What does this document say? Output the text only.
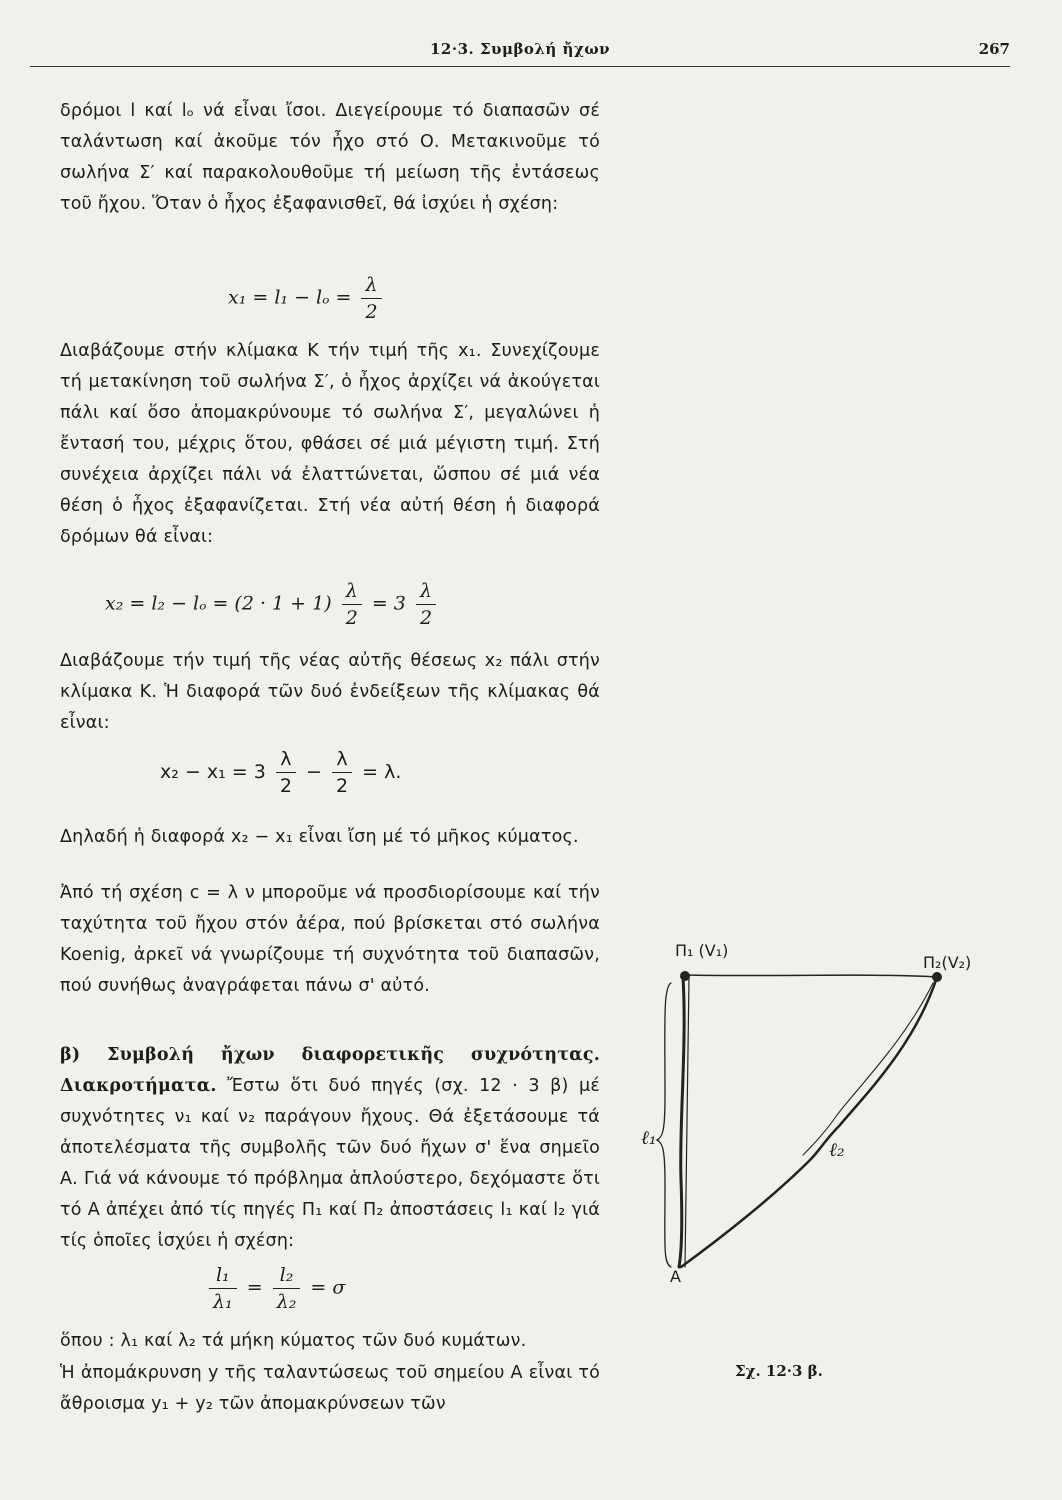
12·3. Συμβολή ἤχων	267

δρόμοι l καί lₒ νά εἶναι ἴσοι. Διεγείρουμε τό διαπασῶν σέ ταλάντωση καί ἀκοῦμε τόν ἦχο στό Ο. Μετακινοῦμε τό σωλήνα Σ′ καί παρακολουθοῦμε τή μείωση τῆς ἐντάσεως τοῦ ἤχου. Ὅταν ὁ ἦχος ἐξαφανισθεῖ, θά ἰσχύει ἡ σχέση:

$x_1 = l_1 - l_o = \frac{\lambda}{2}$

Διαβάζουμε στήν κλίμακα Κ τήν τιμή τῆς x₁. Συνεχίζουμε τή μετακίνηση τοῦ σωλήνα Σ′, ὁ ἦχος ἀρχίζει νά ἀκούγεται πάλι καί ὅσο ἀπομακρύνουμε τό σωλήνα Σ′, μεγαλώνει ἡ ἔντασή του, μέχρις ὅτου, φθάσει σέ μιά μέγιστη τιμή. Στή συνέχεια ἀρχίζει πάλι νά ἐλαττώνεται, ὥσπου σέ μιά νέα θέση ὁ ἦχος ἐξαφανίζεται. Στή νέα αὐτή θέση ἡ διαφορά δρόμων θά εἶναι:

$x_2 = l_2 - l_o = (2 \cdot 1 + 1) \frac{\lambda}{2} = 3 \frac{\lambda}{2}$

Διαβάζουμε τήν τιμή τῆς νέας αὐτῆς θέσεως x₂ πάλι στήν κλίμακα Κ. Ἡ διαφορά τῶν δυό ἐνδείξεων τῆς κλίμακας θά εἶναι:

$x_2 - x_1 = 3 \frac{\lambda}{2} - \frac{\lambda}{2} = \lambda$.

Δηλαδή ἡ διαφορά x₂ − x₁ εἶναι ἴση μέ τό μῆκος κύματος.

Ἀπό τή σχέση c = λ ν μποροῦμε νά προσδιορίσουμε καί τήν ταχύτητα τοῦ ἤχου στόν ἀέρα, πού βρίσκεται στό σωλήνα Koenig, ἀρκεῖ νά γνωρίζουμε τή συχνότητα τοῦ διαπασῶν, πού συνήθως ἀναγράφεται πάνω σ' αὐτό.

β) Συμβολή ἤχων διαφορετικῆς συχνότητας. Διακροτήματα. Ἔστω ὅτι δυό πηγές (σχ. 12 · 3 β) μέ συχνότητες ν₁ καί ν₂ παράγουν ἤχους. Θά ἐξετάσουμε τά ἀποτελέσματα τῆς συμβολῆς τῶν δυό ἤχων σ' ἕνα σημεῖο Α. Γιά νά κάνουμε τό πρόβλημα ἁπλούστερο, δεχόμαστε ὅτι τό Α ἀπέχει ἀπό τίς πηγές Π₁ καί Π₂ ἀποστάσεις l₁ καί l₂ γιά τίς ὁποῖες ἰσχύει ἡ σχέση:

$\frac{\text{l₁}}{\text{λ₁}} = \frac{\text{l₂}}{\text{λ₂}} = \sigma$

ὅπου : λ₁ καί λ₂ τά μήκη κύματος τῶν δυό κυμάτων.

Ἡ ἀπομάκρυνση y τῆς ταλαντώσεως τοῦ σημείου Α εἶναι τό ἄθροισμα y₁ + y₂ τῶν ἀπομακρύνσεων τῶν

Π₁ (V₁)
Π₂(V₂)
ℓ₁
ℓ₂
Α
Σχ. 12·3 β.
